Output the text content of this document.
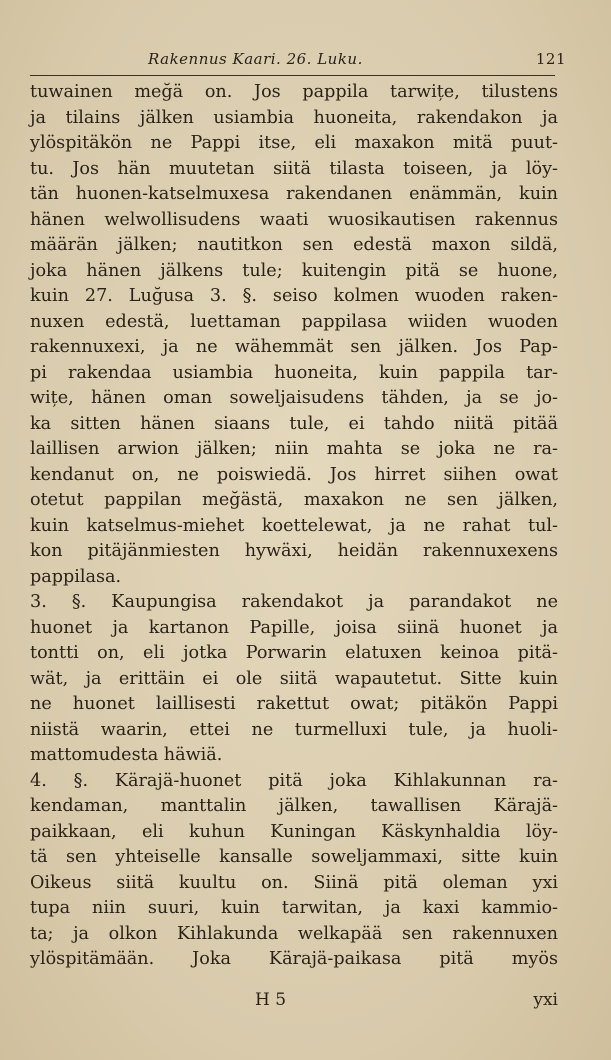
Rakennus Kaari. 26. Luku.	121
tuwainen meğä on. Jos pappila tarwițe, tilustens
ja tilains jälken usiambia huoneita, rakendakon ja
ylöspitäkön ne Pappi itse, eli maxakon mitä puut-
tu. Jos hän muutetan siitä tilasta toiseen, ja löy-
tän huonen-katselmuxesa rakendanen enämmän, kuin
hänen welwollisudens waati wuosikautisen rakennus
määrän jälken; nautitkon sen edestä maxon sildä,
joka hänen jälkens tule; kuitengin pitä se huone,
kuin 27. Luğusa 3. §. seiso kolmen wuoden raken-
nuxen edestä, luettaman pappilasa wiiden wuoden
rakennuxexi, ja ne wähemmät sen jälken. Jos Pap-
pi rakendaa usiambia huoneita, kuin pappila tar-
wițe, hänen oman soweljaisudens tähden, ja se jo-
ka sitten hänen siaans tule, ei tahdo niitä pitää
laillisen arwion jälken; niin mahta se joka ne ra-
kendanut on, ne poiswiedä. Jos hirret siihen owat
otetut pappilan meğästä, maxakon ne sen jälken,
kuin katselmus-miehet koettelewat, ja ne rahat tul-
kon pitäjänmiesten hywäxi, heidän rakennuxexens
pappilasa.
3. §. Kaupungisa rakendakot ja parandakot ne
huonet ja kartanon Papille, joisa siinä huonet ja
tontti on, eli jotka Porwarin elatuxen keinoa pitä-
wät, ja erittäin ei ole siitä wapautetut. Sitte kuin
ne huonet laillisesti rakettut owat; pitäkön Pappi
niistä waarin, ettei ne turmelluxi tule, ja huoli-
mattomudesta häwiä.
4. §. Kärajä-huonet pitä joka Kihlakunnan ra-
kendaman, manttalin jälken, tawallisen Kärajä-
paikkaan, eli kuhun Kuningan Käskynhaldia löy-
tä sen yhteiselle kansalle soweljammaxi, sitte kuin
Oikeus siitä kuultu on. Siinä pitä oleman yxi
tupa niin suuri, kuin tarwitan, ja kaxi kammio-
ta; ja olkon Kihlakunda welkapää sen rakennuxen
ylöspitämään. Joka Kärajä-paikasa pitä myös
H 5	yxi
